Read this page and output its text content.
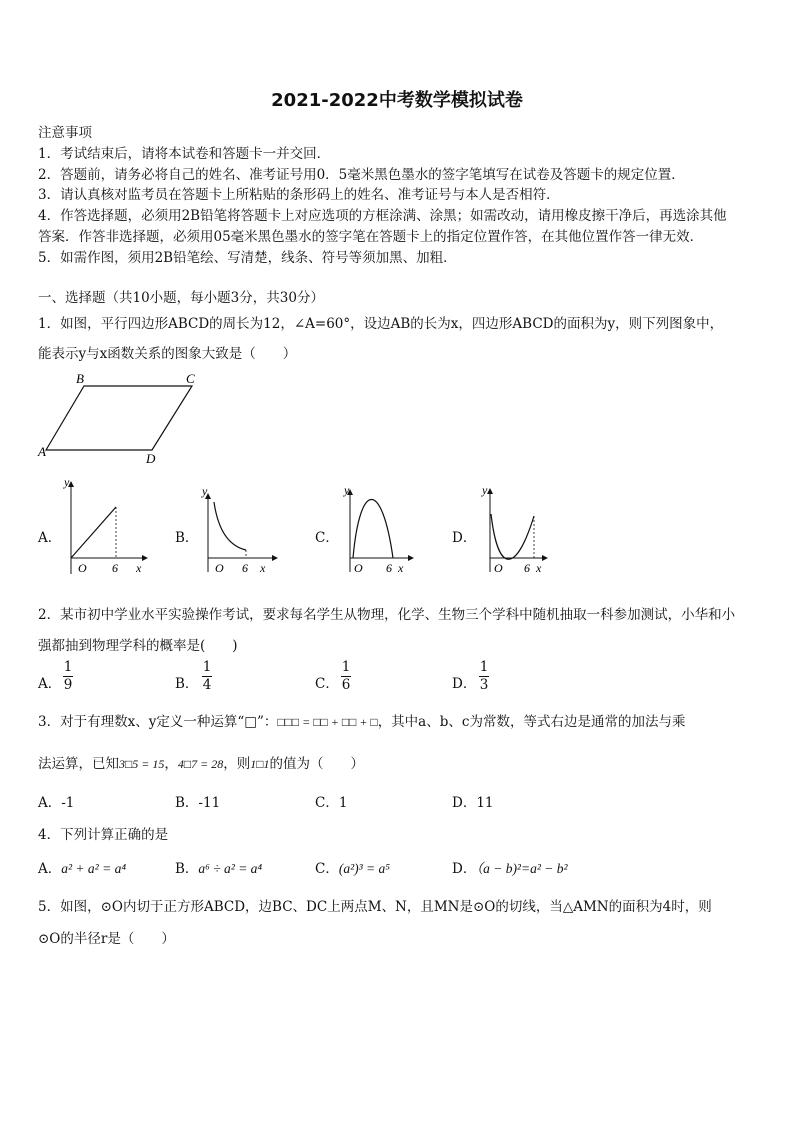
2021-2022中考数学模拟试卷
注意事项
1．考试结束后，请将本试卷和答题卡一并交回．
2．答题前，请务必将自己的姓名、准考证号用0．5毫米黑色墨水的签字笔填写在试卷及答题卡的规定位置．
3．请认真核对监考员在答题卡上所粘贴的条形码上的姓名、准考证号与本人是否相符．
4．作答选择题，必须用2B铅笔将答题卡上对应选项的方框涂满、涂黑；如需改动，请用橡皮擦干净后，再选涂其他
答案．作答非选择题，必须用05毫米黑色墨水的签字笔在答题卡上的指定位置作答，在其他位置作答一律无效．
5．如需作图，须用2B铅笔绘、写清楚，线条、符号等须加黑、加粗．
一、选择题（共10小题，每小题3分，共30分）
1．如图，平行四边形ABCD的周长为12，∠A=60°，设边AB的长为x，四边形ABCD的面积为y，则下列图象中，
能表示y与x函数关系的图象大致是（　　）
B	C
A	D
A．
y
O 6 x
B．
y
O 6 x
C．
y
O 6 x
D．
y
O 6 x
2．某市初中学业水平实验操作考试，要求每名学生从物理，化学、生物三个学科中随机抽取一科参加测试，小华和小
强都抽到物理学科的概率是(　　)
A．
1
9	B．
1
4	C．
1
6	D．
1
3
3．对于有理数x、y定义一种运算“□”：□□□ = □□ + □□ + □，其中a、b、c为常数，等式右边是通常的加法与乘
法运算，已知3□5 = 15，4□7 = 28，则1□1的值为（　　）
A．-1	B．-11	C．1	D．11
4．下列计算正确的是
A．a² + a² = a⁴	B．a⁶ ÷ a² = a⁴	C．(a²)³ = a⁵	D．（a − b)²=a² − b²
5．如图，⊙O内切于正方形ABCD，边BC、DC上两点M、N，且MN是⊙O的切线，当△AMN的面积为4时，则
⊙O的半径r是（　　）
